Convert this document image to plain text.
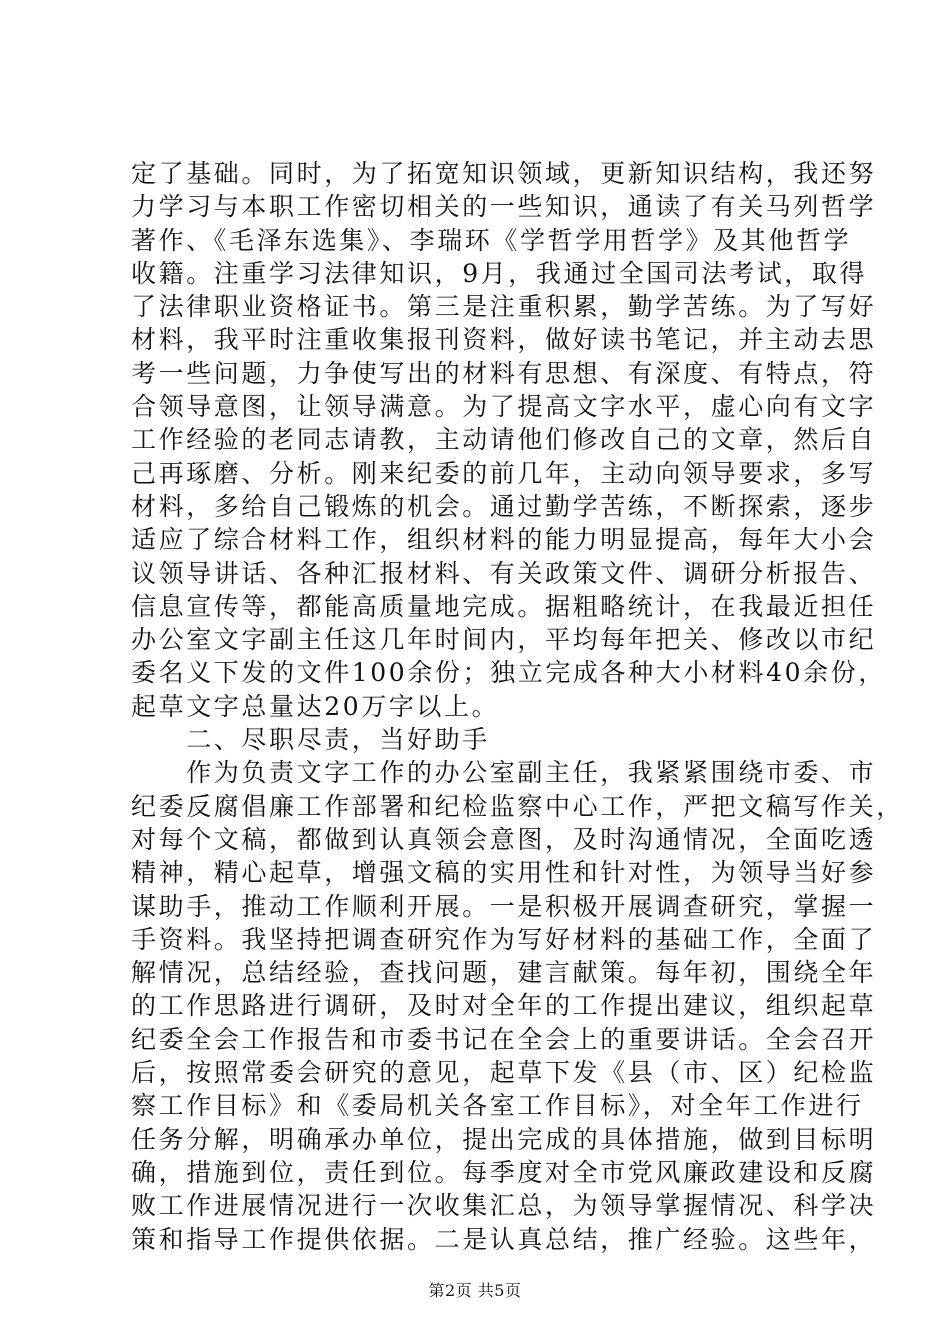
定了基础。同时，为了拓宽知识领域，更新知识结构，我还努
力学习与本职工作密切相关的一些知识，通读了有关马列哲学
著作、《毛泽东选集》、李瑞环《学哲学用哲学》及其他哲学
收籍。注重学习法律知识，9月，我通过全国司法考试，取得
了法律职业资格证书。第三是注重积累，勤学苦练。为了写好
材料，我平时注重收集报刊资料，做好读书笔记，并主动去思
考一些问题，力争使写出的材料有思想、有深度、有特点，符
合领导意图，让领导满意。为了提高文字水平，虚心向有文字
工作经验的老同志请教，主动请他们修改自己的文章，然后自
己再琢磨、分析。刚来纪委的前几年，主动向领导要求，多写
材料，多给自己锻炼的机会。通过勤学苦练，不断探索，逐步
适应了综合材料工作，组织材料的能力明显提高，每年大小会
议领导讲话、各种汇报材料、有关政策文件、调研分析报告、
信息宣传等，都能高质量地完成。据粗略统计，在我最近担任
办公室文字副主任这几年时间内，平均每年把关、修改以市纪
委名义下发的文件100余份；独立完成各种大小材料40余份，
起草文字总量达20万字以上。
　　二、尽职尽责，当好助手
　　作为负责文字工作的办公室副主任，我紧紧围绕市委、市
纪委反腐倡廉工作部署和纪检监察中心工作，严把文稿写作关，
对每个文稿，都做到认真领会意图，及时沟通情况，全面吃透
精神，精心起草，增强文稿的实用性和针对性，为领导当好参
谋助手，推动工作顺利开展。一是积极开展调查研究，掌握一
手资料。我坚持把调查研究作为写好材料的基础工作，全面了
解情况，总结经验，查找问题，建言献策。每年初，围绕全年
的工作思路进行调研，及时对全年的工作提出建议，组织起草
纪委全会工作报告和市委书记在全会上的重要讲话。全会召开
后，按照常委会研究的意见，起草下发《县（市、区）纪检监
察工作目标》和《委局机关各室工作目标》，对全年工作进行
任务分解，明确承办单位，提出完成的具体措施，做到目标明
确，措施到位，责任到位。每季度对全市党风廉政建设和反腐
败工作进展情况进行一次收集汇总，为领导掌握情况、科学决
策和指导工作提供依据。二是认真总结，推广经验。这些年，
第2页 共5页
